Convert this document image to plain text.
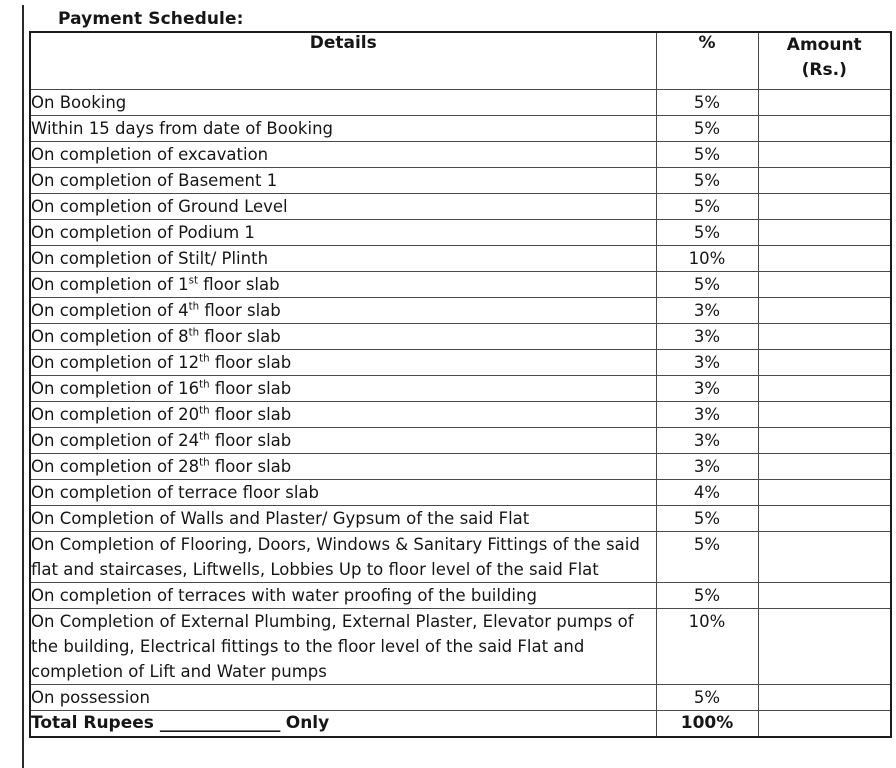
Payment Schedule:
Details	%	Amount
(Rs.)
On Booking	5%	

Within 15 days from date of Booking	5%	

On completion of excavation	5%	

On completion of Basement 1	5%	

On completion of Ground Level	5%	

On completion of Podium 1	5%	

On completion of Stilt/ Plinth	10%	

On completion of 1st floor slab	5%	

On completion of 4th floor slab	3%	

On completion of 8th floor slab	3%	

On completion of 12th floor slab	3%	

On completion of 16th floor slab	3%	

On completion of 20th floor slab	3%	

On completion of 24th floor slab	3%	

On completion of 28th floor slab	3%	

On completion of terrace floor slab	4%	

On Completion of Walls and Plaster/ Gypsum of the said Flat	5%	

On Completion of Flooring, Doors, Windows & Sanitary Fittings of the said flat and staircases, Liftwells, Lobbies Up to floor level of the said Flat	5%	

On completion of terraces with water proofing of the building	5%	

On Completion of External Plumbing, External Plaster, Elevator pumps of the building, Electrical fittings to the floor level of the said Flat and completion of Lift and Water pumps	10%	

On possession	5%	

Total Rupees _______________ Only	100%	
